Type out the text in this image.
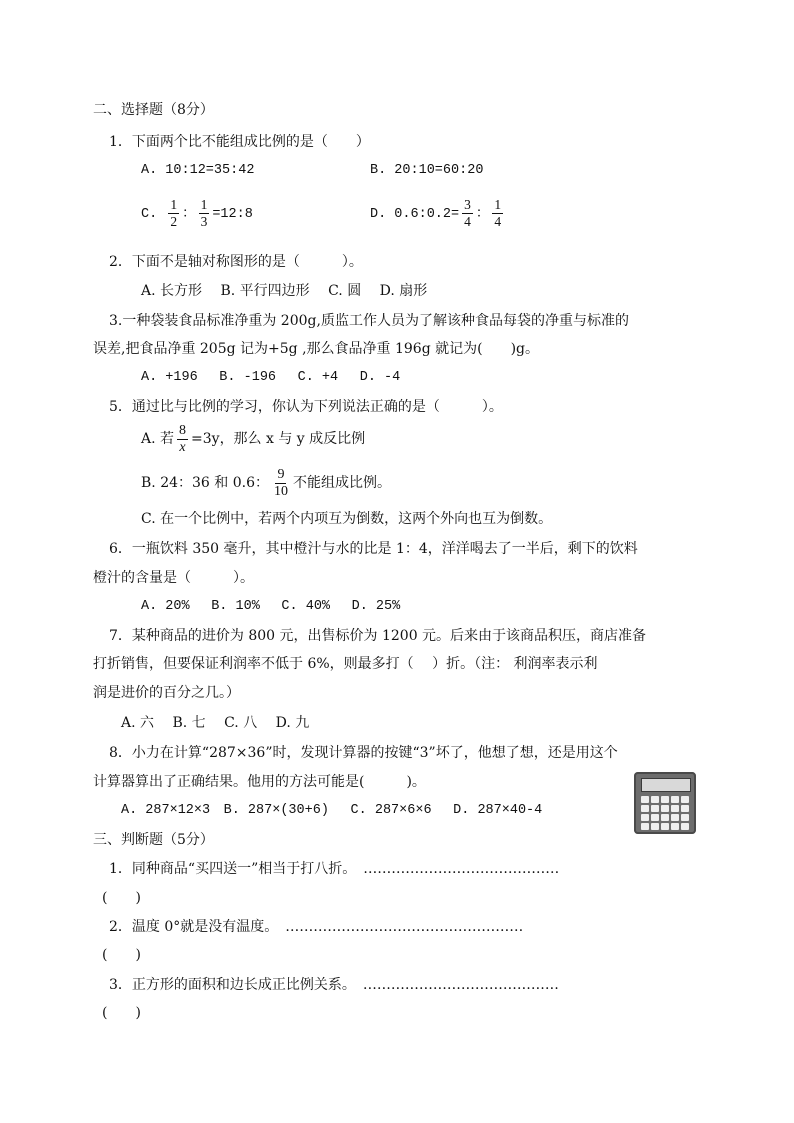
二、选择题（8分）
1．下面两个比不能组成比例的是（　　）
A. 10:12=35:42	B. 20:10=60:20
C. $\frac{1}{2}$ ： $\frac{1}{3}$ =12:8	D. 0.6:0.2= $\frac{3}{4}$ ： $\frac{1}{4}$
2．下面不是轴对称图形的是（　　　）。
A. 长方形　 B. 平行四边形　 C. 圆　 D. 扇形
3.一种袋装食品标准净重为 200g,质监工作人员为了解该种食品每袋的净重与标准的
误差,把食品净重 205g 记为+5g ,那么食品净重 196g 就记为(　　)g。
A. +196　 B. -196　 C. +4　 D. -4
5．通过比与比例的学习，你认为下列说法正确的是（　　　）。
A. 若 $\frac{8}{x} =3y$，那么 x 与 y 成反比例
B. 24：36 和 0.6： $\frac{9}{10}$ 不能组成比例。
C. 在一个比例中，若两个内项互为倒数，这两个外向也互为倒数。
6．一瓶饮料 350 毫升，其中橙汁与水的比是 1：4，洋洋喝去了一半后，剩下的饮料
橙汁的含量是（　　　）。
A. 20%　 B. 10%　 C. 40%　 D. 25%
7．某种商品的进价为 800 元，出售标价为 1200 元。后来由于该商品积压，商店准备
打折销售，但要保证利润率不低于 6%，则最多打（　 ）折。（注： 利润率表示利
润是进价的百分之几。）
A. 六　 B. 七　 C. 八　 D. 九
8．小力在计算“287×36”时，发现计算器的按键“3”坏了，他想了想，还是用这个
计算器算出了正确结果。他用的方法可能是(　　　)。
A. 287×12×3　B. 287×(30+6)　 C. 287×6×6　 D. 287×40-4
三、判断题（5分）
1．同种商品“买四送一”相当于打八折。　 ……………………………………
(　　)
2．温度 0°就是没有温度。　 ……………………………………………
(　　)
3．正方形的面积和边长成正比例关系。　 ……………………………………
(　　)
